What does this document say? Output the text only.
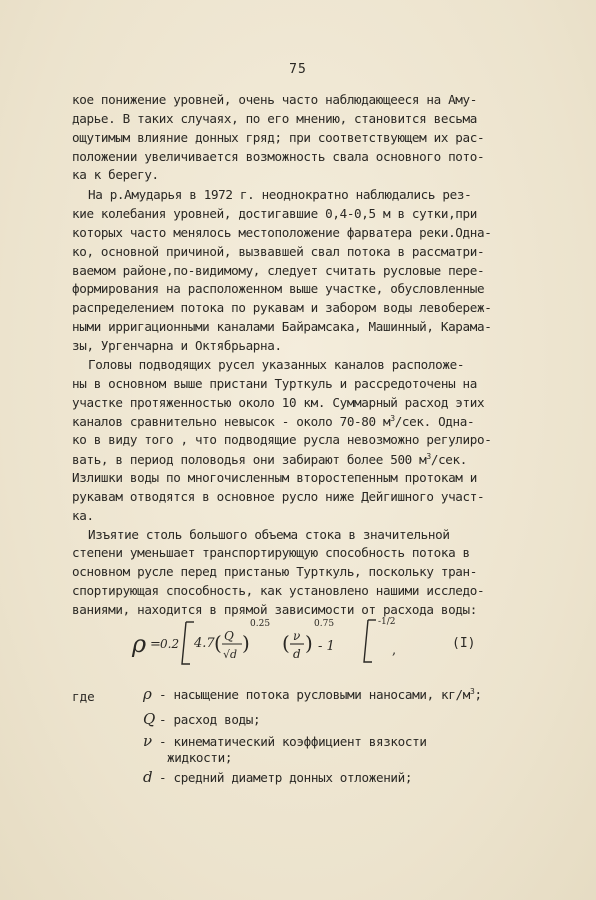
75
кое понижение уровней, очень часто наблюдающееся на Аму-
дарье. В таких случаях, по его мнению, становится весьма
ощутимым влияние донных гряд; при соответствующем их рас-
положении увеличивается возможность свала основного пото-
ка к берегу.
На р.Амударья в 1972 г. неоднократно наблюдались рез-
кие колебания уровней, достигавшие 0,4-0,5 м в сутки,при
которых часто менялось местоположение фарватера реки.Одна-
ко, основной причиной, вызвавшей свал потока в рассматри-
ваемом районе,по-видимому, следует считать русловые пере-
формирования на расположенном выше участке, обусловленные
распределением потока по рукавам и забором воды левобереж-
ными ирригационными каналами Байрамсака, Машинный, Карама-
зы, Ургенчарна и Октябрьарна.
Головы подводящих русел указанных каналов расположе-
ны в основном выше пристани Турткуль и рассредоточены на
участке протяженностью около 10 км. Суммарный расход этих
каналов сравнительно невысок - около 70-80 $м^3$/сек. Одна-
ко в виду того , что подводящие русла невозможно регулиро-
вать, в период половодья они забирают более 500 $м^3$/сек.
Излишки воды по многочисленным второстепенным протокам и
рукавам отводятся в основное русло ниже Дейгишного участ-
ка.
Изъятие столь большого объема стока в значительной
степени уменьшает транспортирующую способность потока в
основном русле перед пристанью Турткуль, поскольку тран-
спортирующая способность, как установлено нашими исследо-
ваниями, находится в прямой зависимости от расхода воды:
(I)
ρ = 0.2 4.7 ( Q
√d )
0.25
( ν
d )
0.75
- 1
-1/2
,
где	ρ - насыщение потока русловыми наносами, $кг/м^3$;
Q - расход воды;
ν - кинематический коэффициент вязкости
жидкости;
d - средний диаметр донных отложений;
